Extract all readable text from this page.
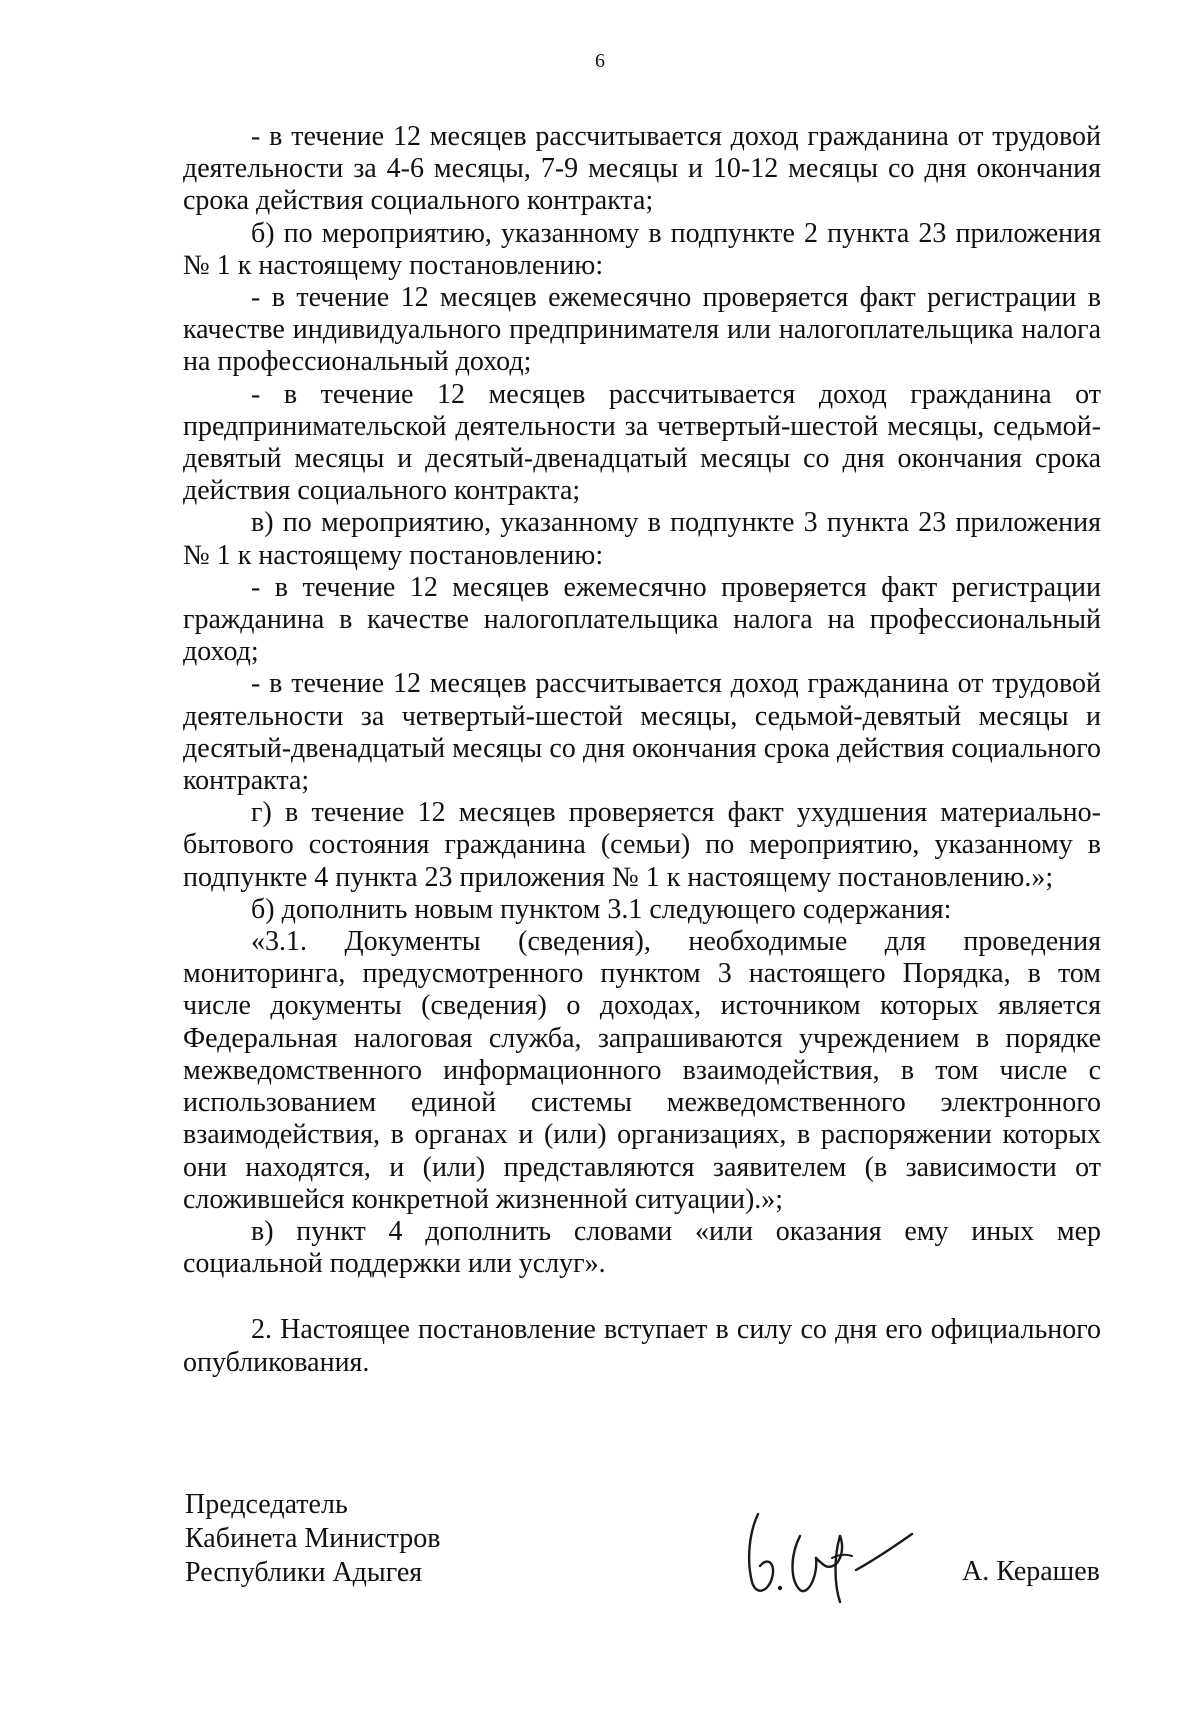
6

- в течение 12 месяцев рассчитывается доход гражданина от трудовой деятельности за 4-6 месяцы, 7-9 месяцы и 10-12 месяцы со дня окончания срока действия социального контракта;

б) по мероприятию, указанному в подпункте 2 пункта 23 приложения № 1 к настоящему постановлению:

- в течение 12 месяцев ежемесячно проверяется факт регистрации в качестве индивидуального предпринимателя или налогоплательщика налога на профессиональный доход;

- в течение 12 месяцев рассчитывается доход гражданина от предпринимательской деятельности за четвертый-шестой месяцы, седьмой-девятый месяцы и десятый-двенадцатый месяцы со дня окончания срока действия социального контракта;

в) по мероприятию, указанному в подпункте 3 пункта 23 приложения № 1 к настоящему постановлению:

- в течение 12 месяцев ежемесячно проверяется факт регистрации гражданина в качестве налогоплательщика налога на профессиональный доход;

- в течение 12 месяцев рассчитывается доход гражданина от трудовой деятельности за четвертый-шестой месяцы, седьмой-девятый месяцы и десятый-двенадцатый месяцы со дня окончания срока действия социального контракта;

г) в течение 12 месяцев проверяется факт ухудшения материально-бытового состояния гражданина (семьи) по мероприятию, указанному в подпункте 4 пункта 23 приложения № 1 к настоящему постановлению.»;

б) дополнить новым пунктом 3.1 следующего содержания:

«3.1. Документы (сведения), необходимые для проведения мониторинга, предусмотренного пунктом 3 настоящего Порядка, в том числе документы (сведения) о доходах, источником которых является Федеральная налоговая служба, запрашиваются учреждением в порядке межведомственного информационного взаимодействия, в том числе с использованием единой системы межведомственного электронного взаимодействия, в органах и (или) организациях, в распоряжении которых они находятся, и (или) представляются заявителем (в зависимости от сложившейся конкретной жизненной ситуации).»;

в) пункт 4 дополнить словами «или оказания ему иных мер социальной поддержки или услуг».

2. Настоящее постановление вступает в силу со дня его официального опубликования.

Председатель
Кабинета Министров
Республики Адыгея	А. Керашев
